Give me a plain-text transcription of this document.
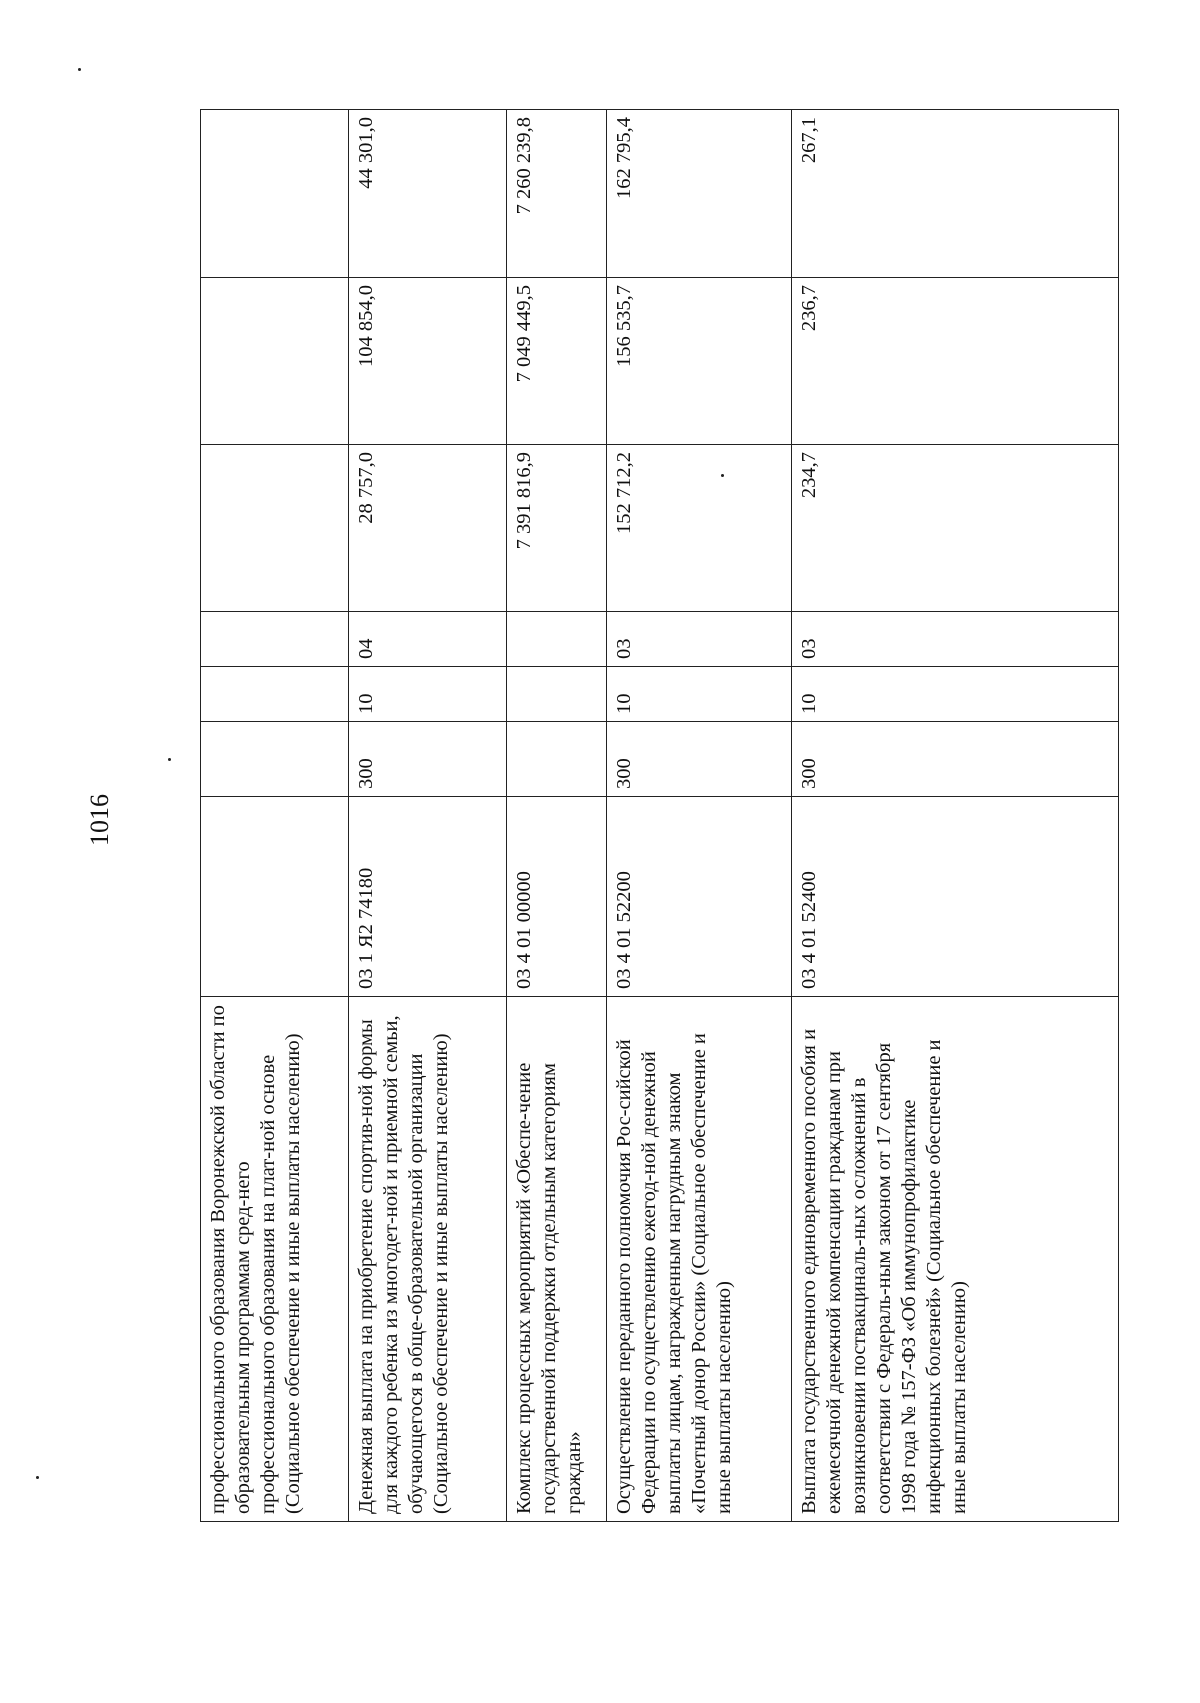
1016
профессионального образования Воронежской области по образовательным программам сред-него профессионального образования на плат-ной основе (Социальное обеспечение и иные выплаты населению)							
Денежная выплата на приобретение спортив-ной формы для каждого ребенка из многодет-ной и приемной семьи, обучающегося в обще-образовательной организации (Социальное обеспечение и иные выплаты населению)	03 1 Я2 74180	300	10	04	28 757,0	104 854,0	44 301,0
Комплекс процессных мероприятий «Обеспе-чение государственной поддержки отдельным категориям граждан»	03 4 01 00000				7 391 816,9	7 049 449,5	7 260 239,8
Осуществление переданного полномочия Рос-сийской Федерации по осуществлению ежегод-ной денежной выплаты лицам, награжденным нагрудным знаком «Почетный донор России» (Социальное обеспечение и иные выплаты населению)	03 4 01 52200	300	10	03	152 712,2	156 535,7	162 795,4
Выплата государственного единовременного пособия и ежемесячной денежной компенсации гражданам при возникновении поствакциналь-ных осложнений в соответствии с Федераль-ным законом от 17 сентября 1998 года № 157-ФЗ «Об иммунопрофилактике инфекционных болезней» (Социальное обеспечение и иные выплаты населению)	03 4 01 52400	300	10	03	234,7	236,7	267,1
